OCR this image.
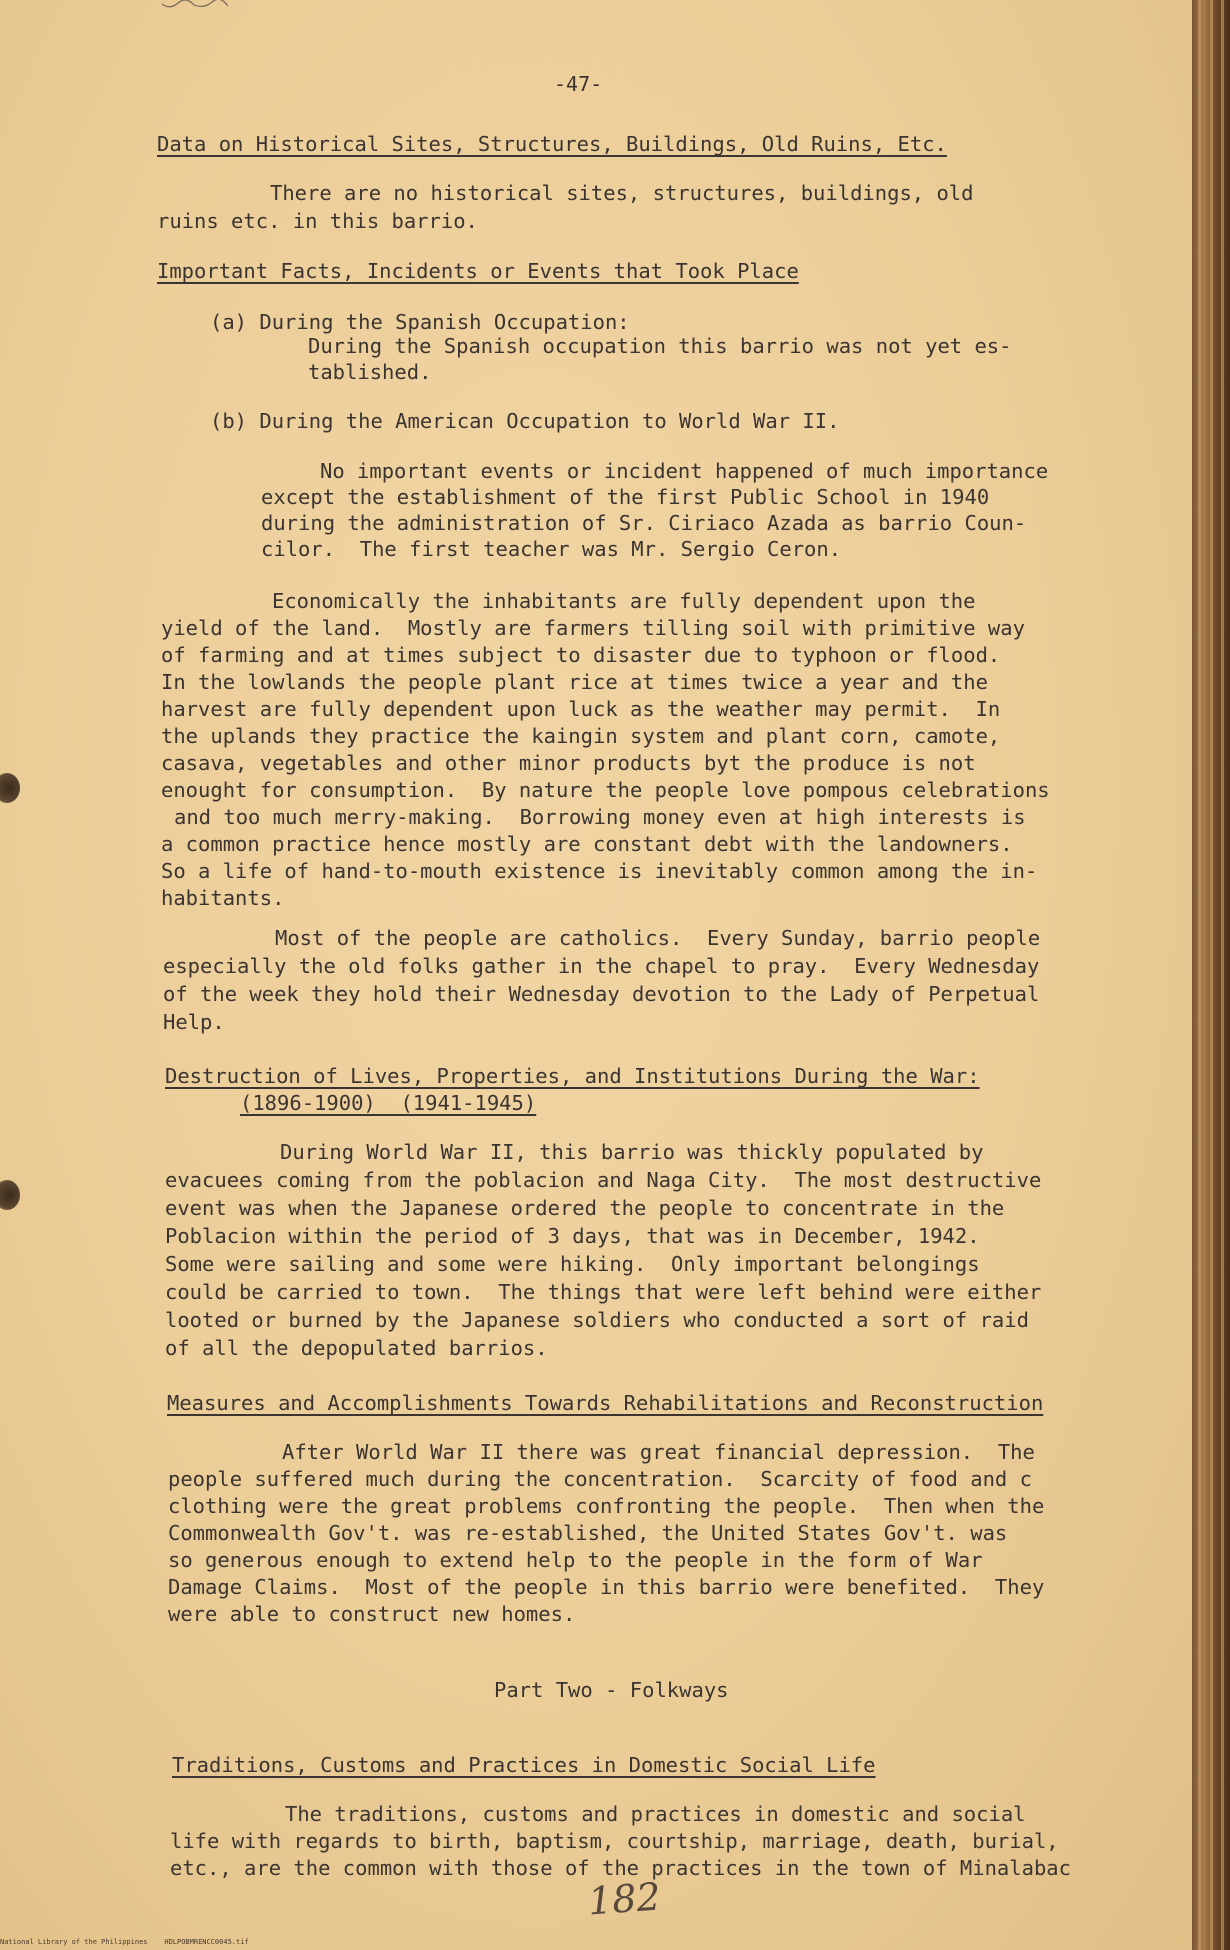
-47-
Data on Historical Sites, Structures, Buildings, Old Ruins, Etc.
There are no historical sites, structures, buildings, old
ruins etc. in this barrio.
Important Facts, Incidents or Events that Took Place
(a) During the Spanish Occupation:
During the Spanish occupation this barrio was not yet es-
tablished.
(b) During the American Occupation to World War II.
No important events or incident happened of much importance
except the establishment of the first Public School in 1940
during the administration of Sr. Ciriaco Azada as barrio Coun-
cilor.  The first teacher was Mr. Sergio Ceron.
Economically the inhabitants are fully dependent upon the
yield of the land.  Mostly are farmers tilling soil with primitive way
of farming and at times subject to disaster due to typhoon or flood.
In the lowlands the people plant rice at times twice a year and the
harvest are fully dependent upon luck as the weather may permit.  In
the uplands they practice the kaingin system and plant corn, camote,
casava, vegetables and other minor products byt the produce is not
enought for consumption.  By nature the people love pompous celebrations
and too much merry-making.  Borrowing money even at high interests is
a common practice hence mostly are constant debt with the landowners.
So a life of hand-to-mouth existence is inevitably common among the in-
habitants.
Most of the people are catholics.  Every Sunday, barrio people
especially the old folks gather in the chapel to pray.  Every Wednesday
of the week they hold their Wednesday devotion to the Lady of Perpetual
Help.
Destruction of Lives, Properties, and Institutions During the War:
(1896-1900)  (1941-1945)
During World War II, this barrio was thickly populated by
evacuees coming from the poblacion and Naga City.  The most destructive
event was when the Japanese ordered the people to concentrate in the
Poblacion within the period of 3 days, that was in December, 1942.
Some were sailing and some were hiking.  Only important belongings
could be carried to town.  The things that were left behind were either
looted or burned by the Japanese soldiers who conducted a sort of raid
of all the depopulated barrios.
Measures and Accomplishments Towards Rehabilitations and Reconstruction
After World War II there was great financial depression.  The
people suffered much during the concentration.  Scarcity of food and c
clothing were the great problems confronting the people.  Then when the
Commonwealth Gov't. was re-established, the United States Gov't. was
so generous enough to extend help to the people in the form of War
Damage Claims.  Most of the people in this barrio were benefited.  They
were able to construct new homes.
Part Two - Folkways
Traditions, Customs and Practices in Domestic Social Life
The traditions, customs and practices in domestic and social
life with regards to birth, baptism, courtship, marriage, death, burial,
etc., are the common with those of the practices in the town of Minalabac
182
National Library of the Philippines    HDLPOBMRENCC0045.tif
